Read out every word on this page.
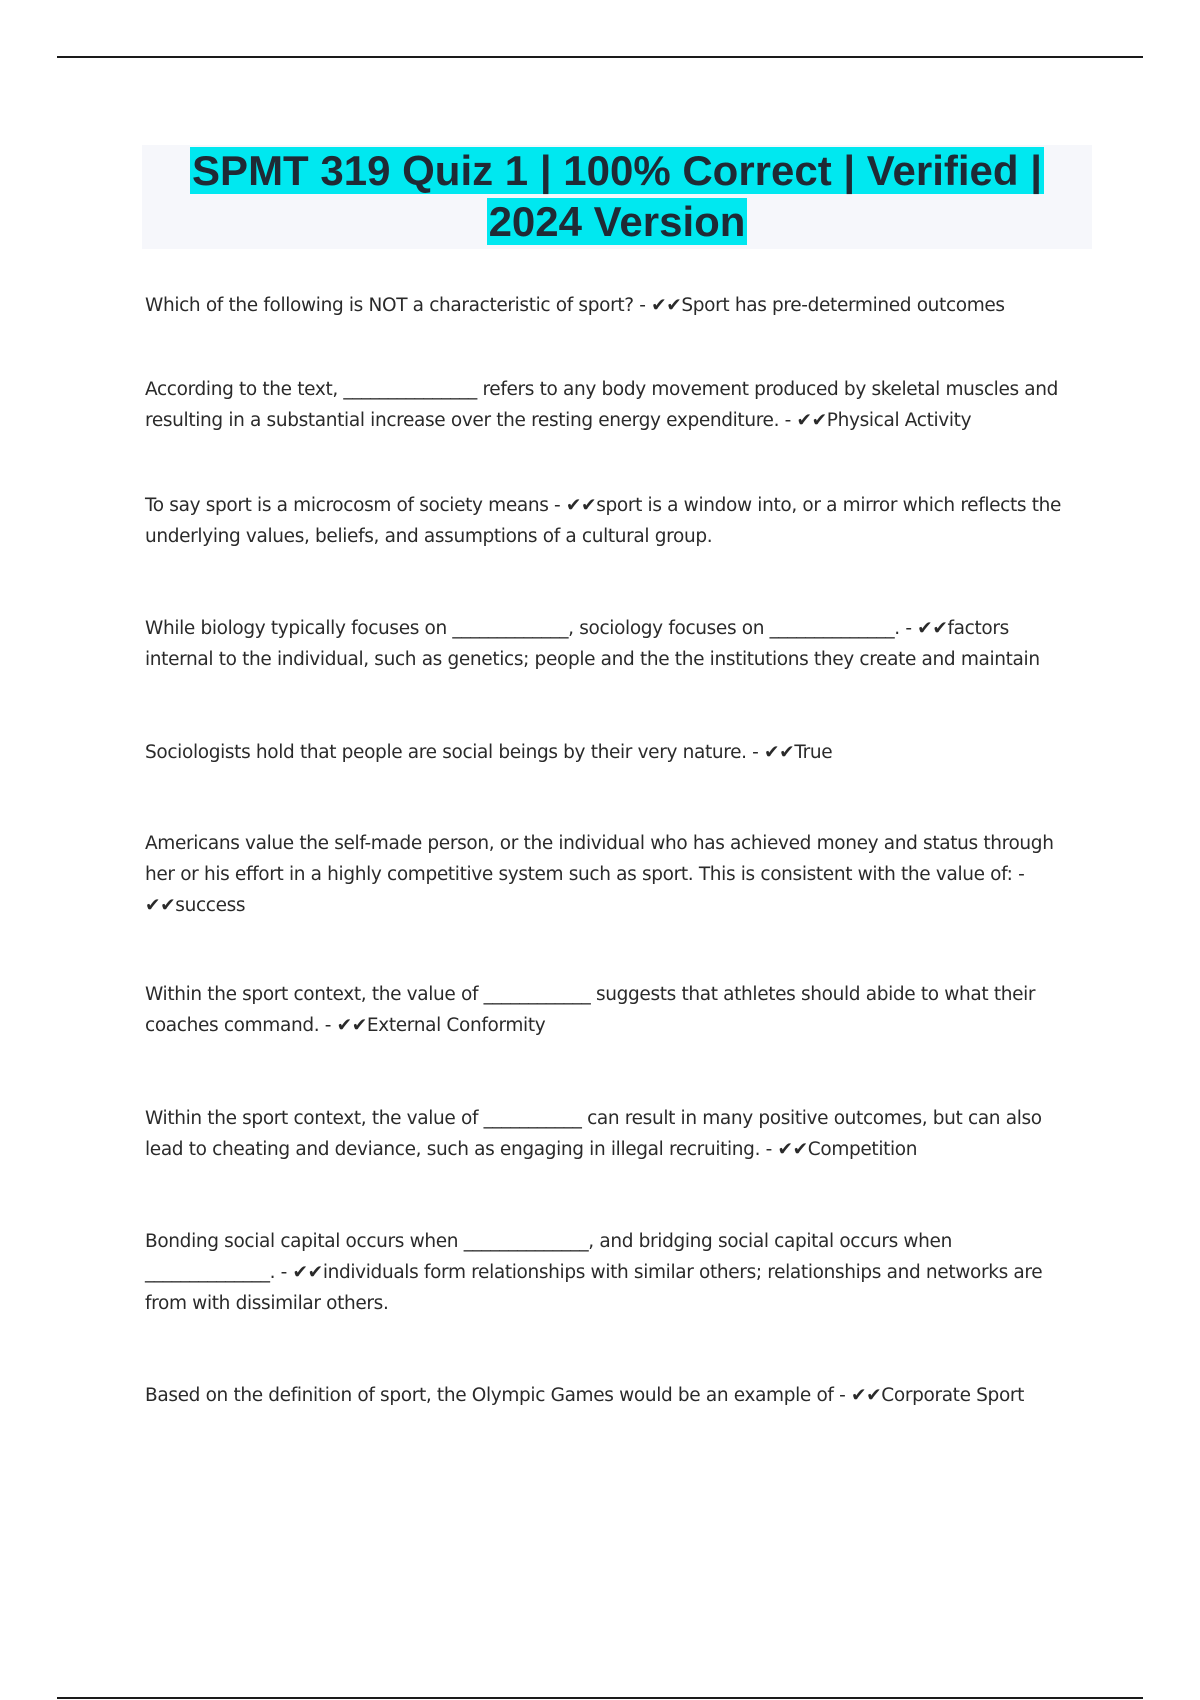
SPMT 319 Quiz 1 | 100% Correct | Verified |
2024 Version

Which of the following is NOT a characteristic of sport? - ✔✔Sport has pre-determined outcomes

According to the text, _______________ refers to any body movement produced by skeletal muscles and resulting in a substantial increase over the resting energy expenditure. - ✔✔Physical Activity

To say sport is a microcosm of society means - ✔✔sport is a window into, or a mirror which reflects the underlying values, beliefs, and assumptions of a cultural group.

While biology typically focuses on _____________, sociology focuses on ______________. - ✔✔factors internal to the individual, such as genetics; people and the the institutions they create and maintain

Sociologists hold that people are social beings by their very nature. - ✔✔True

Americans value the self-made person, or the individual who has achieved money and status through her or his effort in a highly competitive system such as sport. This is consistent with the value of: - ✔✔success

Within the sport context, the value of ____________ suggests that athletes should abide to what their coaches command. - ✔✔External Conformity

Within the sport context, the value of ___________ can result in many positive outcomes, but can also lead to cheating and deviance, such as engaging in illegal recruiting. - ✔✔Competition

Bonding social capital occurs when ______________, and bridging social capital occurs when ______________. - ✔✔individuals form relationships with similar others; relationships and networks are from with dissimilar others.

Based on the definition of sport, the Olympic Games would be an example of - ✔✔Corporate Sport
